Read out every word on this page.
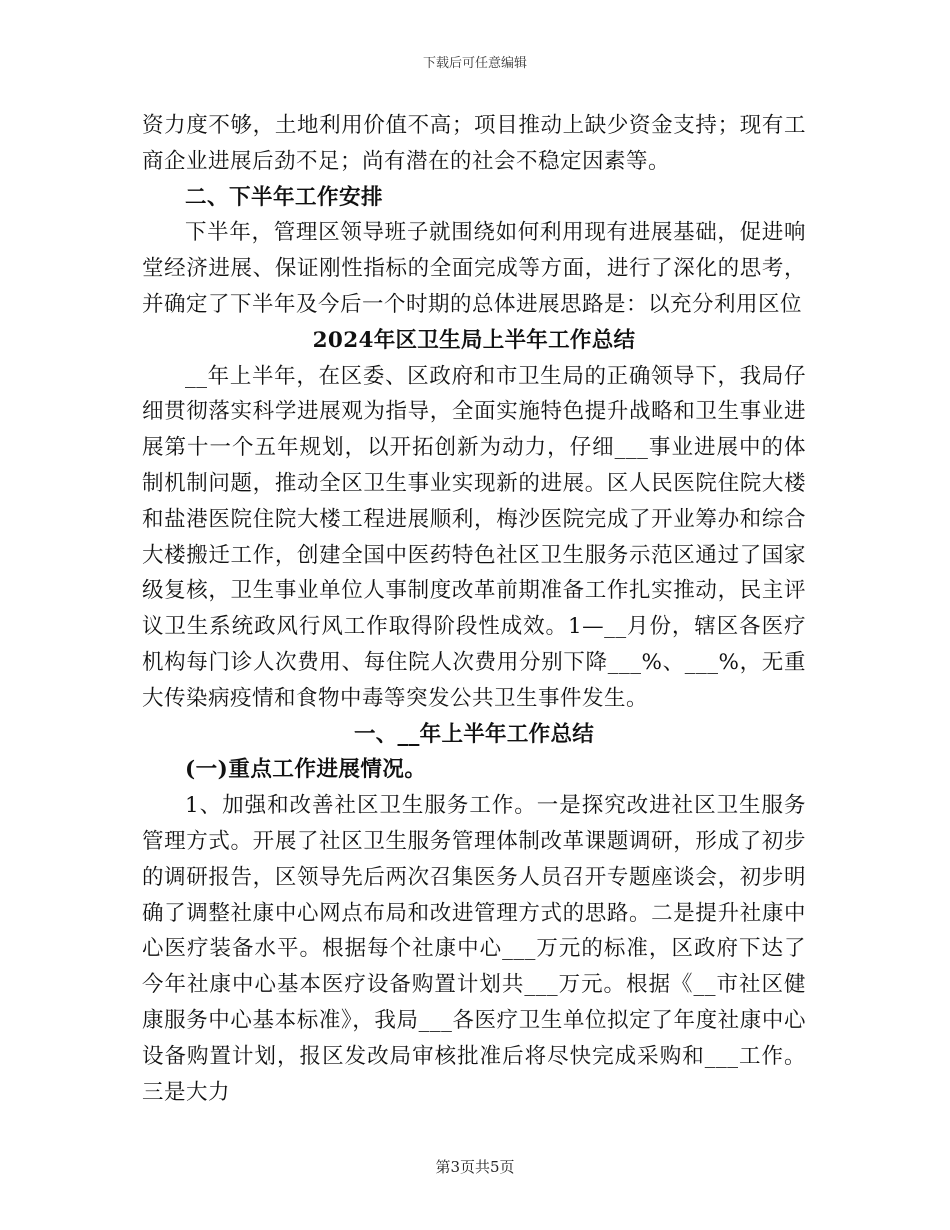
下载后可任意编辑

资力度不够，土地利用价值不高；项目推动上缺少资金支持；现有工商企业进展后劲不足；尚有潜在的社会不稳定因素等。

二、下半年工作安排

下半年，管理区领导班子就围绕如何利用现有进展基础，促进响堂经济进展、保证刚性指标的全面完成等方面，进行了深化的思考，并确定了下半年及今后一个时期的总体进展思路是：以充分利用区位

2024年区卫生局上半年工作总结

__年上半年，在区委、区政府和市卫生局的正确领导下，我局仔细贯彻落实科学进展观为指导，全面实施特色提升战略和卫生事业进展第十一个五年规划，以开拓创新为动力，仔细___事业进展中的体制机制问题，推动全区卫生事业实现新的进展。区人民医院住院大楼和盐港医院住院大楼工程进展顺利，梅沙医院完成了开业筹办和综合大楼搬迁工作，创建全国中医药特色社区卫生服务示范区通过了国家级复核，卫生事业单位人事制度改革前期准备工作扎实推动，民主评议卫生系统政风行风工作取得阶段性成效。1—__月份，辖区各医疗机构每门诊人次费用、每住院人次费用分别下降___%、___%，无重大传染病疫情和食物中毒等突发公共卫生事件发生。

一、__年上半年工作总结

(一)重点工作进展情况。

1、加强和改善社区卫生服务工作。一是探究改进社区卫生服务管理方式。开展了社区卫生服务管理体制改革课题调研，形成了初步的调研报告，区领导先后两次召集医务人员召开专题座谈会，初步明确了调整社康中心网点布局和改进管理方式的思路。二是提升社康中心医疗装备水平。根据每个社康中心___万元的标准，区政府下达了今年社康中心基本医疗设备购置计划共___万元。根据《__市社区健康服务中心基本标准》，我局___各医疗卫生单位拟定了年度社康中心设备购置计划，报区发改局审核批准后将尽快完成采购和___工作。三是大力

第3页共5页
